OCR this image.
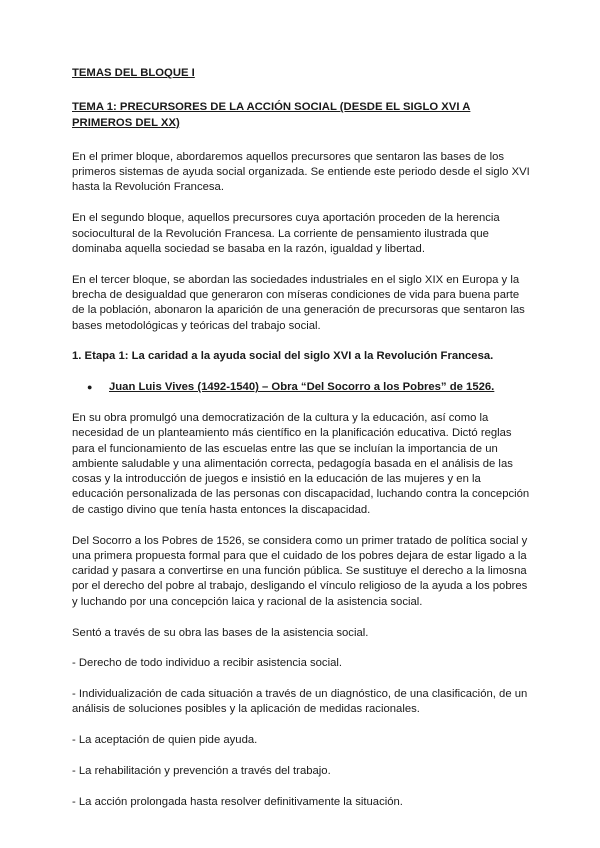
TEMAS DEL BLOQUE I
TEMA 1: PRECURSORES DE LA ACCIÓN SOCIAL (DESDE EL SIGLO XVI A PRIMEROS DEL XX)

En el primer bloque, abordaremos aquellos precursores que sentaron las bases de los primeros sistemas de ayuda social organizada. Se entiende este periodo desde el siglo XVI hasta la Revolución Francesa.

En el segundo bloque, aquellos precursores cuya aportación proceden de la herencia sociocultural de la Revolución Francesa. La corriente de pensamiento ilustrada que dominaba aquella sociedad se basaba en la razón, igualdad y libertad.

En el tercer bloque, se abordan las sociedades industriales en el siglo XIX en Europa y la brecha de desigualdad que generaron con míseras condiciones de vida para buena parte de la población, abonaron la aparición de una generación de precursoras que sentaron las bases metodológicas y teóricas del trabajo social.

1. Etapa 1: La caridad a la ayuda social del siglo XVI a la Revolución Francesa.
●	Juan Luis Vives (1492-1540) – Obra “Del Socorro a los Pobres” de 1526.

En su obra promulgó una democratización de la cultura y la educación, así como la necesidad de un planteamiento más científico en la planificación educativa. Dictó reglas para el funcionamiento de las escuelas entre las que se incluían la importancia de un ambiente saludable y una alimentación correcta, pedagogía basada en el análisis de las cosas y la introducción de juegos e insistió en la educación de las mujeres y en la educación personalizada de las personas con discapacidad, luchando contra la concepción de castigo divino que tenía hasta entonces la discapacidad.

Del Socorro a los Pobres de 1526, se considera como un primer tratado de política social y una primera propuesta formal para que el cuidado de los pobres dejara de estar ligado a la caridad y pasara a convertirse en una función pública. Se sustituye el derecho a la limosna por el derecho del pobre al trabajo, desligando el vínculo religioso de la ayuda a los pobres y luchando por una concepción laica y racional de la asistencia social.

Sentó a través de su obra las bases de la asistencia social.

- Derecho de todo individuo a recibir asistencia social.
- Individualización de cada situación a través de un diagnóstico, de una clasificación, de un análisis de soluciones posibles y la aplicación de medidas racionales.
- La aceptación de quien pide ayuda.
- La rehabilitación y prevención a través del trabajo.
- La acción prolongada hasta resolver definitivamente la situación.
